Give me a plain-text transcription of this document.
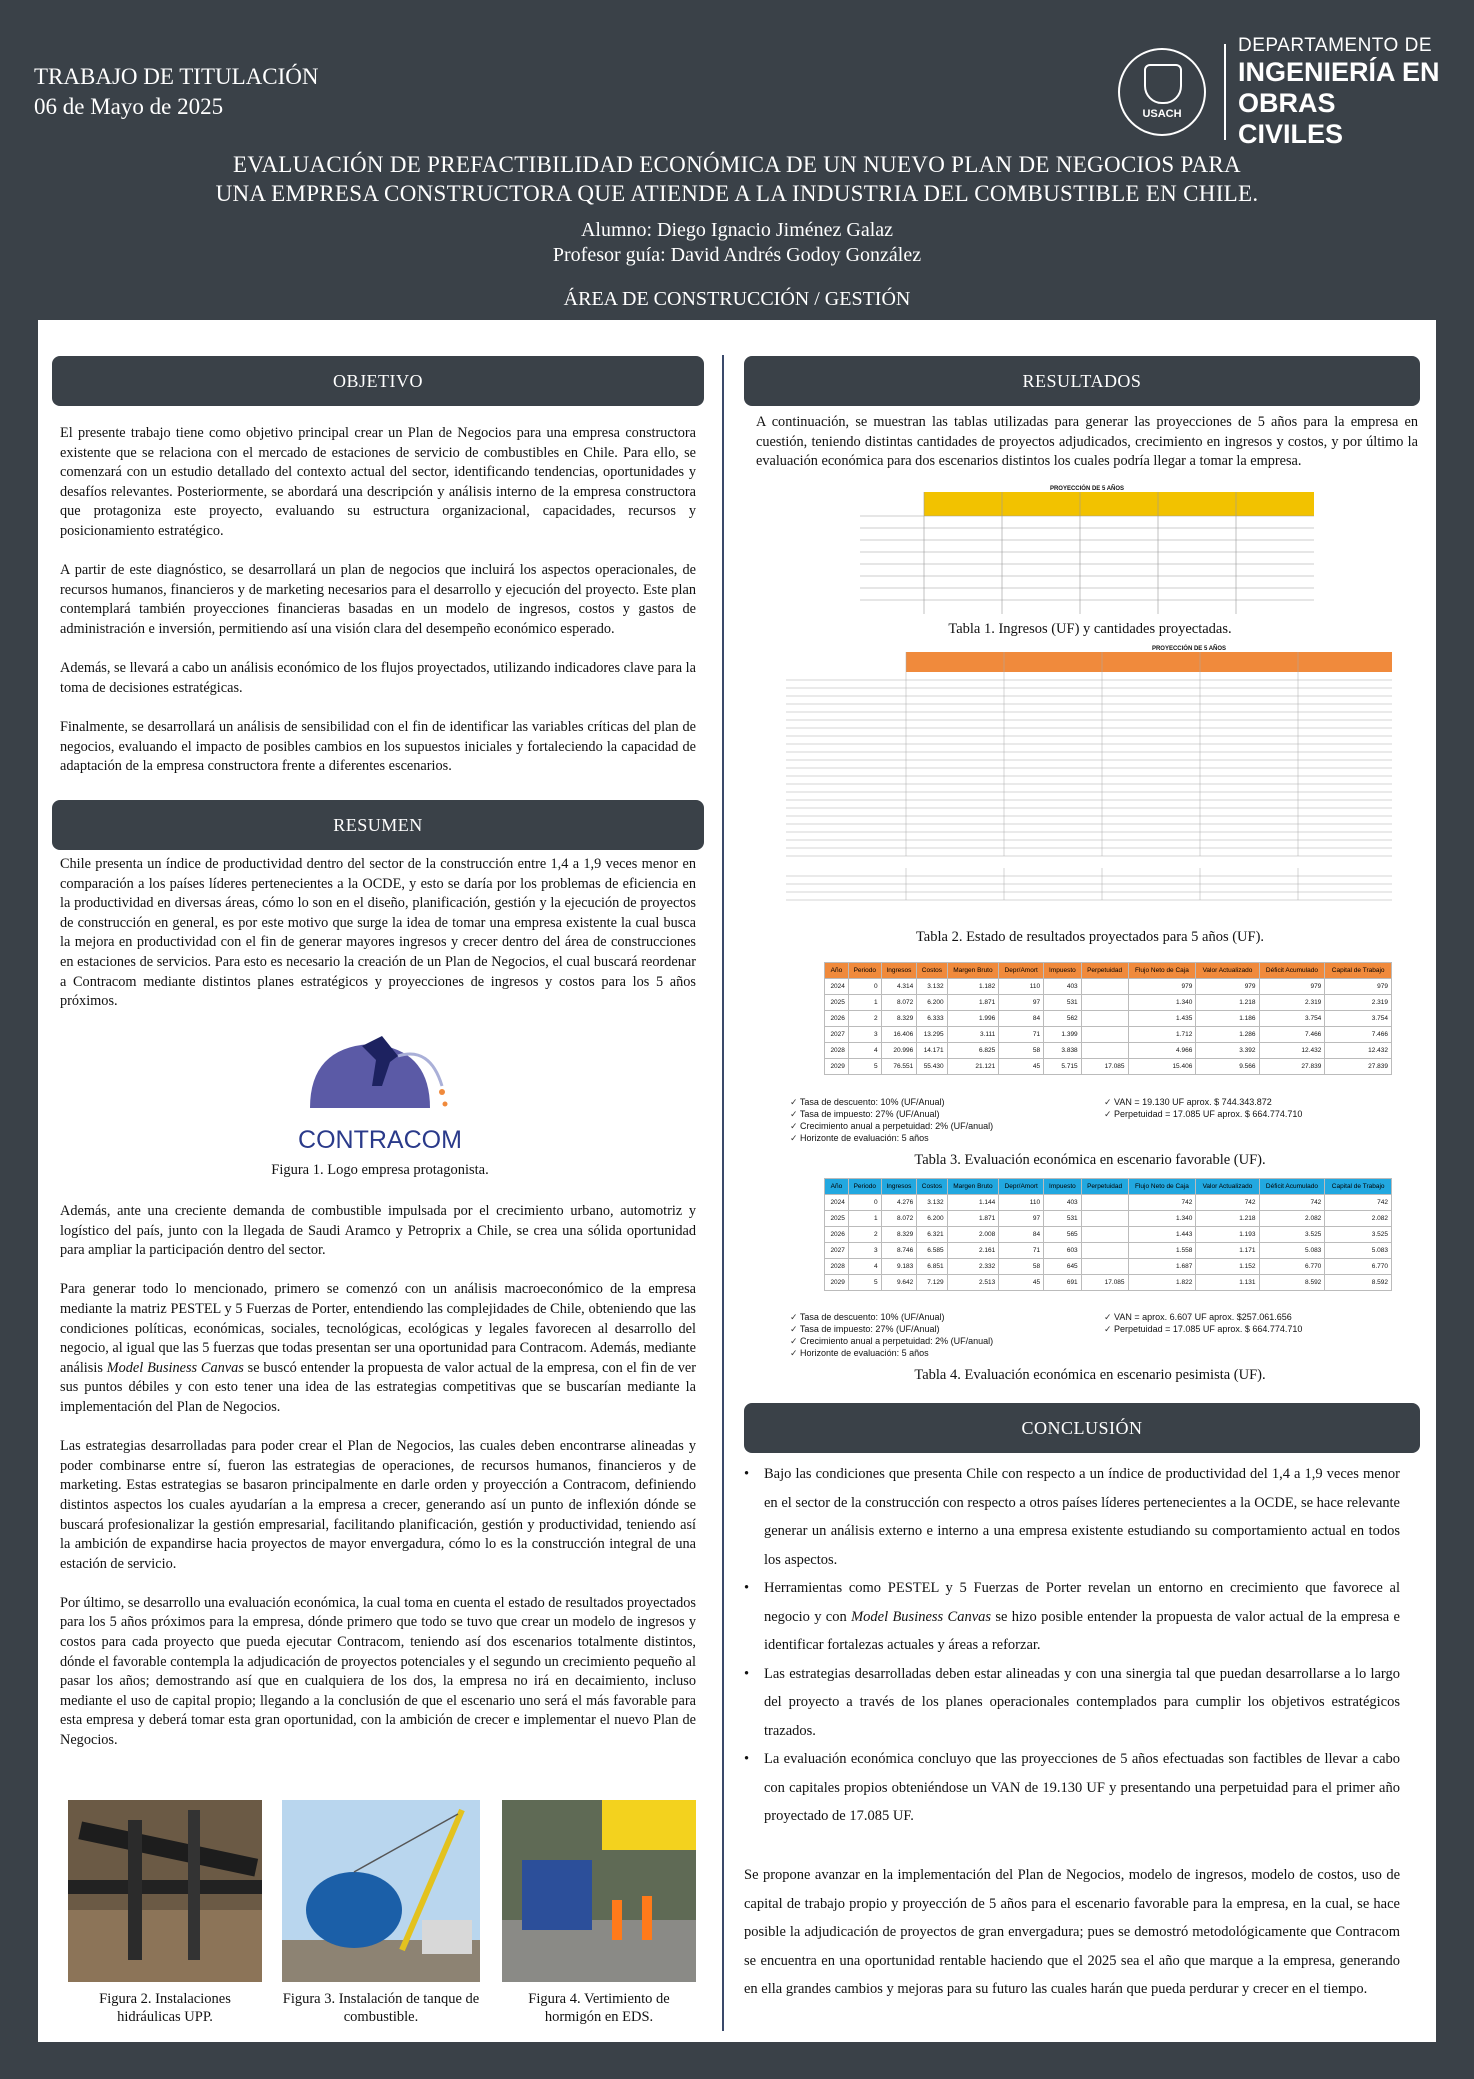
TRABAJO DE TITULACIÓN
06 de Mayo de 2025	USACH
DEPARTAMENTO DE
INGENIERÍA EN
OBRAS CIVILES
EVALUACIÓN DE PREFACTIBILIDAD ECONÓMICA DE UN NUEVO PLAN DE NEGOCIOS PARA
UNA EMPRESA CONSTRUCTORA QUE ATIENDE A LA INDUSTRIA DEL COMBUSTIBLE EN CHILE.
Alumno: Diego Ignacio Jiménez Galaz
Profesor guía: David Andrés Godoy González
ÁREA DE CONSTRUCCIÓN / GESTIÓN
OBJETIVO

El presente trabajo tiene como objetivo principal crear un Plan de Negocios para una empresa constructora existente que se relaciona con el mercado de estaciones de servicio de combustibles en Chile. Para ello, se comenzará con un estudio detallado del contexto actual del sector, identificando tendencias, oportunidades y desafíos relevantes. Posteriormente, se abordará una descripción y análisis interno de la empresa constructora que protagoniza este proyecto, evaluando su estructura organizacional, capacidades, recursos y posicionamiento estratégico.

A partir de este diagnóstico, se desarrollará un plan de negocios que incluirá los aspectos operacionales, de recursos humanos, financieros y de marketing necesarios para el desarrollo y ejecución del proyecto. Este plan contemplará también proyecciones financieras basadas en un modelo de ingresos, costos y gastos de administración e inversión, permitiendo así una visión clara del desempeño económico esperado.

Además, se llevará a cabo un análisis económico de los flujos proyectados, utilizando indicadores clave para la toma de decisiones estratégicas.

Finalmente, se desarrollará un análisis de sensibilidad con el fin de identificar las variables críticas del plan de negocios, evaluando el impacto de posibles cambios en los supuestos iniciales y fortaleciendo la capacidad de adaptación de la empresa constructora frente a diferentes escenarios.

RESUMEN
Chile presenta un índice de productividad dentro del sector de la construcción entre 1,4 a 1,9 veces menor en comparación a los países líderes pertenecientes a la OCDE, y esto se daría por los problemas de eficiencia en la productividad en diversas áreas, cómo lo son en el diseño, planificación, gestión y la ejecución de proyectos de construcción en general, es por este motivo que surge la idea de tomar una empresa existente la cual busca la mejora en productividad con el fin de generar mayores ingresos y crecer dentro del área de construcciones en estaciones de servicios. Para esto es necesario la creación de un Plan de Negocios, el cual buscará reordenar a Contracom mediante distintos planes estratégicos y proyecciones de ingresos y costos para los 5 años próximos.
CONTRACOM
Figura 1. Logo empresa protagonista.

Además, ante una creciente demanda de combustible impulsada por el crecimiento urbano, automotriz y logístico del país, junto con la llegada de Saudi Aramco y Petroprix a Chile, se crea una sólida oportunidad para ampliar la participación dentro del sector.

Para generar todo lo mencionado, primero se comenzó con un análisis macroeconómico de la empresa mediante la matriz PESTEL y 5 Fuerzas de Porter, entendiendo las complejidades de Chile, obteniendo que las condiciones políticas, económicas, sociales, tecnológicas, ecológicas y legales favorecen al desarrollo del negocio, al igual que las 5 fuerzas que todas presentan ser una oportunidad para Contracom. Además, mediante análisis Model Business Canvas se buscó entender la propuesta de valor actual de la empresa, con el fin de ver sus puntos débiles y con esto tener una idea de las estrategias competitivas que se buscarían mediante la implementación del Plan de Negocios.

Las estrategias desarrolladas para poder crear el Plan de Negocios, las cuales deben encontrarse alineadas y poder combinarse entre sí, fueron las estrategias de operaciones, de recursos humanos, financieros y de marketing. Estas estrategias se basaron principalmente en darle orden y proyección a Contracom, definiendo distintos aspectos los cuales ayudarían a la empresa a crecer, generando así un punto de inflexión dónde se buscará profesionalizar la gestión empresarial, facilitando planificación, gestión y productividad, teniendo así la ambición de expandirse hacia proyectos de mayor envergadura, cómo lo es la construcción integral de una estación de servicio.

Por último, se desarrollo una evaluación económica, la cual toma en cuenta el estado de resultados proyectados para los 5 años próximos para la empresa, dónde primero que todo se tuvo que crear un modelo de ingresos y costos para cada proyecto que pueda ejecutar Contracom, teniendo así dos escenarios totalmente distintos, dónde el favorable contempla la adjudicación de proyectos potenciales y el segundo un crecimiento pequeño al pasar los años; demostrando así que en cualquiera de los dos, la empresa no irá en decaimiento, incluso mediante el uso de capital propio; llegando a la conclusión de que el escenario uno será el más favorable para esta empresa y deberá tomar esta gran oportunidad, con la ambición de crecer e implementar el nuevo Plan de Negocios.

Figura 2. Instalaciones hidráulicas UPP.
Figura 3. Instalación de tanque de combustible.
Figura 4. Vertimiento de hormigón en EDS.
RESULTADOS
A continuación, se muestran las tablas utilizadas para generar las proyecciones de 5 años para la empresa en cuestión, teniendo distintas cantidades de proyectos adjudicados, crecimiento en ingresos y costos, y por último la evaluación económica para dos escenarios distintos los cuales podría llegar a tomar la empresa.
PROYECCIÓN DE 5 AÑOS
Tabla 1. Ingresos (UF) y cantidades proyectadas.
PROYECCIÓN DE 5 AÑOS
Tabla 2. Estado de resultados proyectados para 5 años (UF).
Año	Periodo	Ingresos	Costos	Margen Bruto	Depr/Amort	Impuesto	Perpetuidad	Flujo Neto de Caja	Valor Actualizado	Déficit Acumulado	Capital de Trabajo
2024	0	4.314	3.132	1.182	110	403		979	979	979	979
2025	1	8.072	6.200	1.871	97	531		1.340	1.218	2.319	2.319
2026	2	8.329	6.333	1.996	84	562		1.435	1.186	3.754	3.754
2027	3	16.406	13.295	3.111	71	1.399		1.712	1.286	7.466	7.466
2028	4	20.996	14.171	6.825	58	3.838		4.966	3.392	12.432	12.432
2029	5	76.551	55.430	21.121	45	5.715	17.085	15.406	9.566	27.839	27.839
✓ Tasa de descuento: 10% (UF/Anual)
✓ Tasa de impuesto: 27% (UF/Anual)
✓ Crecimiento anual a perpetuidad: 2% (UF/anual)
✓ Horizonte de evaluación: 5 años
✓ VAN = 19.130 UF aprox. $ 744.343.872
✓ Perpetuidad = 17.085 UF aprox. $ 664.774.710
Tabla 3. Evaluación económica en escenario favorable (UF).
Año	Periodo	Ingresos	Costos	Margen Bruto	Depr/Amort	Impuesto	Perpetuidad	Flujo Neto de Caja	Valor Actualizado	Déficit Acumulado	Capital de Trabajo
2024	0	4.276	3.132	1.144	110	403		742	742	742	742
2025	1	8.072	6.200	1.871	97	531		1.340	1.218	2.082	2.082
2026	2	8.329	6.321	2.008	84	565		1.443	1.193	3.525	3.525
2027	3	8.746	6.585	2.161	71	603		1.558	1.171	5.083	5.083
2028	4	9.183	6.851	2.332	58	645		1.687	1.152	6.770	6.770
2029	5	9.642	7.129	2.513	45	691	17.085	1.822	1.131	8.592	8.592
✓ Tasa de descuento: 10% (UF/Anual)
✓ Tasa de impuesto: 27% (UF/Anual)
✓ Crecimiento anual a perpetuidad: 2% (UF/anual)
✓ Horizonte de evaluación: 5 años
✓ VAN = aprox. 6.607 UF aprox. $257.061.656
✓ Perpetuidad = 17.085 UF aprox. $ 664.774.710
Tabla 4. Evaluación económica en escenario pesimista (UF).
CONCLUSIÓN
• Bajo las condiciones que presenta Chile con respecto a un índice de productividad del 1,4 a 1,9 veces menor en el sector de la construcción con respecto a otros países líderes pertenecientes a la OCDE, se hace relevante generar un análisis externo e interno a una empresa existente estudiando su comportamiento actual en todos los aspectos.
• Herramientas como PESTEL y 5 Fuerzas de Porter revelan un entorno en crecimiento que favorece al negocio y con Model Business Canvas se hizo posible entender la propuesta de valor actual de la empresa e identificar fortalezas actuales y áreas a reforzar.
• Las estrategias desarrolladas deben estar alineadas y con una sinergia tal que puedan desarrollarse a lo largo del proyecto a través de los planes operacionales contemplados para cumplir los objetivos estratégicos trazados.
• La evaluación económica concluyo que las proyecciones de 5 años efectuadas son factibles de llevar a cabo con capitales propios obteniéndose un VAN de 19.130 UF y presentando una perpetuidad para el primer año proyectado de 17.085 UF.
Se propone avanzar en la implementación del Plan de Negocios, modelo de ingresos, modelo de costos, uso de capital de trabajo propio y proyección de 5 años para el escenario favorable para la empresa, en la cual, se hace posible la adjudicación de proyectos de gran envergadura; pues se demostró metodológicamente que Contracom se encuentra en una oportunidad rentable haciendo que el 2025 sea el año que marque a la empresa, generando en ella grandes cambios y mejoras para su futuro las cuales harán que pueda perdurar y crecer en el tiempo.
